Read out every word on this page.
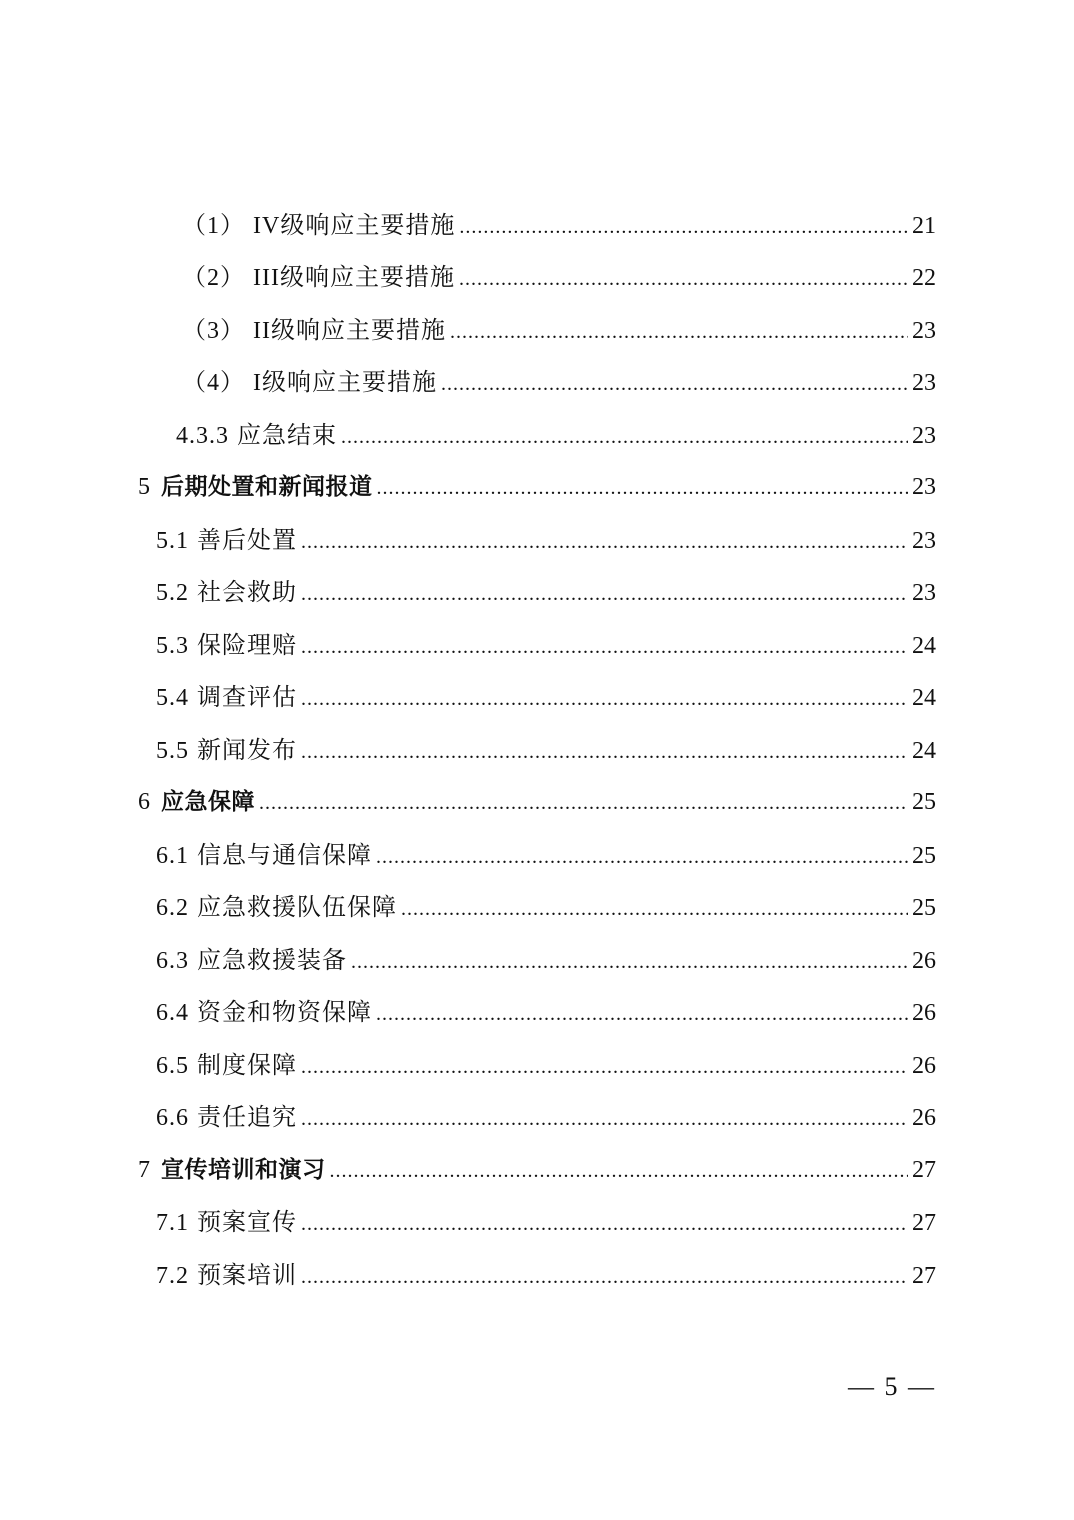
（1） IV级响应主要措施 .....	21
（2） III级响应主要措施 .....	22
（3） II级响应主要措施 .....	23
（4） I级响应主要措施 .....	23
4.3.3 应急结束 .....	23
5 后期处置和新闻报道 .....	23
5.1 善后处置 .....	23
5.2 社会救助 .....	23
5.3 保险理赔 .....	24
5.4 调查评估 .....	24
5.5 新闻发布 .....	24
6 应急保障 .....	25
6.1 信息与通信保障 .....	25
6.2 应急救援队伍保障 .....	25
6.3 应急救援装备 .....	26
6.4 资金和物资保障 .....	26
6.5 制度保障 .....	26
6.6 责任追究 .....	26
7 宣传培训和演习 .....	27
7.1 预案宣传 .....	27
7.2 预案培训 .....	27
— 5 —
